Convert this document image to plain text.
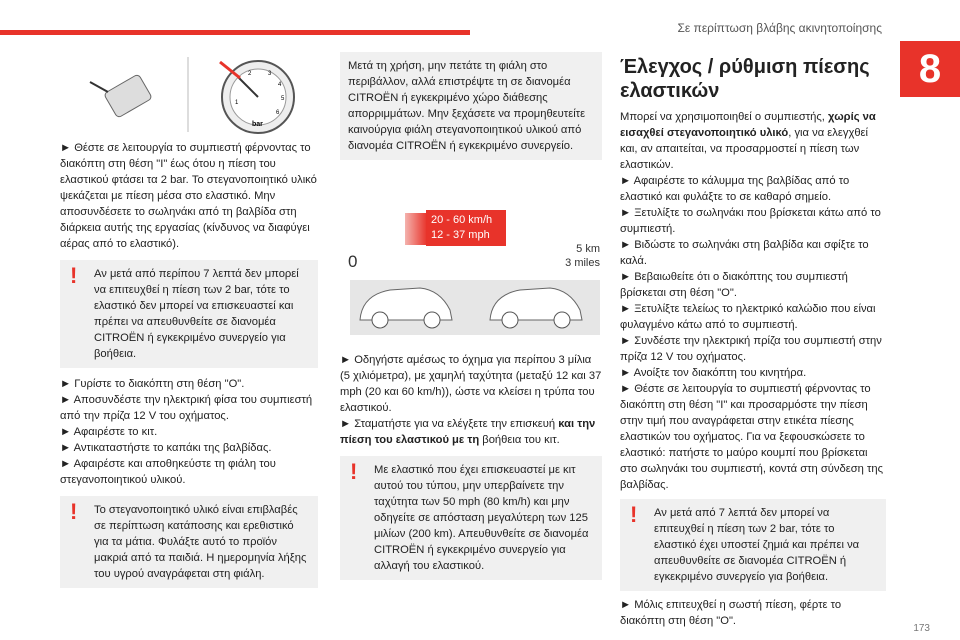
Σε περίπτωση βλάβης ακινητοποίησης
8
173
2
1
3
4
5
6
bar

► Θέστε σε λειτουργία το συμπιεστή φέρνοντας το διακόπτη στη θέση "I" έως ότου η πίεση του ελαστικού φτάσει τα 2 bar. Το στεγανοποιητικό υλικό ψεκάζεται με πίεση μέσα στο ελαστικό. Μην αποσυνδέσετε το σωληνάκι από τη βαλβίδα στη διάρκεια αυτής της εργασίας (κίνδυνος να διαφύγει αέρας από το ελαστικό).

! Αν μετά από περίπου 7 λεπτά δεν μπορεί να επιτευχθεί η πίεση των 2 bar, τότε το ελαστικό δεν μπορεί να επισκευαστεί και πρέπει να απευθυνθείτε σε διανομέα CITROËN ή εγκεκριμένο συνεργείο για βοήθεια.

► Γυρίστε το διακόπτη στη θέση "O".

► Αποσυνδέστε την ηλεκτρική φίσα του συμπιεστή από την πρίζα 12 V του οχήματος.

► Αφαιρέστε το κιτ.

► Αντικαταστήστε το καπάκι της βαλβίδας.

► Αφαιρέστε και αποθηκεύστε τη φιάλη του στεγανοποιητικού υλικού.

! Το στεγανοποιητικό υλικό είναι επιβλαβές σε περίπτωση κατάποσης και ερεθιστικό για τα μάτια. Φυλάξτε αυτό το προϊόν μακριά από τα παιδιά. Η ημερομηνία λήξης του υγρού αναγράφεται στη φιάλη.
Μετά τη χρήση, μην πετάτε τη φιάλη στο περιβάλλον, αλλά επιστρέψτε τη σε διανομέα CITROËN ή εγκεκριμένο χώρο διάθεσης απορριμμάτων. Μην ξεχάσετε να προμηθευτείτε καινούργια φιάλη στεγανοποιητικού υλικού από διανομέα CITROËN ή εγκεκριμένο συνεργείο.
20 - 60 km/h
12 - 37 mph
0
5 km
3 miles

► Οδηγήστε αμέσως το όχημα για περίπου 3 μίλια (5 χιλιόμετρα), με χαμηλή ταχύτητα (μεταξύ 12 και 37 mph (20 και 60 km/h)), ώστε να κλείσει η τρύπα του ελαστικού.

► Σταματήστε για να ελέγξετε την επισκευή και την πίεση του ελαστικού με τη βοήθεια του κιτ.

! Με ελαστικό που έχει επισκευαστεί με κιτ αυτού του τύπου, μην υπερβαίνετε την ταχύτητα των 50 mph (80 km/h) και μην οδηγείτε σε απόσταση μεγαλύτερη των 125 μιλίων (200 km). Απευθυνθείτε σε διανομέα CITROËN ή εγκεκριμένο συνεργείο για αλλαγή του ελαστικού.
Έλεγχος / ρύθμιση πίεσης ελαστικών

Μπορεί να χρησιμοποιηθεί ο συμπιεστής, χωρίς να εισαχθεί στεγανοποιητικό υλικό, για να ελεγχθεί και, αν απαιτείται, να προσαρμοστεί η πίεση των ελαστικών.

► Αφαιρέστε το κάλυμμα της βαλβίδας από το ελαστικό και φυλάξτε το σε καθαρό σημείο.

► Ξετυλίξτε το σωληνάκι που βρίσκεται κάτω από το συμπιεστή.

► Βιδώστε το σωληνάκι στη βαλβίδα και σφίξτε το καλά.

► Βεβαιωθείτε ότι ο διακόπτης του συμπιεστή βρίσκεται στη θέση "O".

► Ξετυλίξτε τελείως το ηλεκτρικό καλώδιο που είναι φυλαγμένο κάτω από το συμπιεστή.

► Συνδέστε την ηλεκτρική πρίζα του συμπιεστή στην πρίζα 12 V του οχήματος.

► Ανοίξτε τον διακόπτη του κινητήρα.

► Θέστε σε λειτουργία το συμπιεστή φέρνοντας το διακόπτη στη θέση "I" και προσαρμόστε την πίεση στην τιμή που αναγράφεται στην ετικέτα πίεσης ελαστικών του οχήματος. Για να ξεφουσκώσετε το ελαστικό: πατήστε το μαύρο κουμπί που βρίσκεται στο σωληνάκι του συμπιεστή, κοντά στη σύνδεση της βαλβίδας.

! Αν μετά από 7 λεπτά δεν μπορεί να επιτευχθεί η πίεση των 2 bar, τότε το ελαστικό έχει υποστεί ζημιά και πρέπει να απευθυνθείτε σε διανομέα CITROËN ή εγκεκριμένο συνεργείο για βοήθεια.

► Μόλις επιτευχθεί η σωστή πίεση, φέρτε το διακόπτη στη θέση "O".
